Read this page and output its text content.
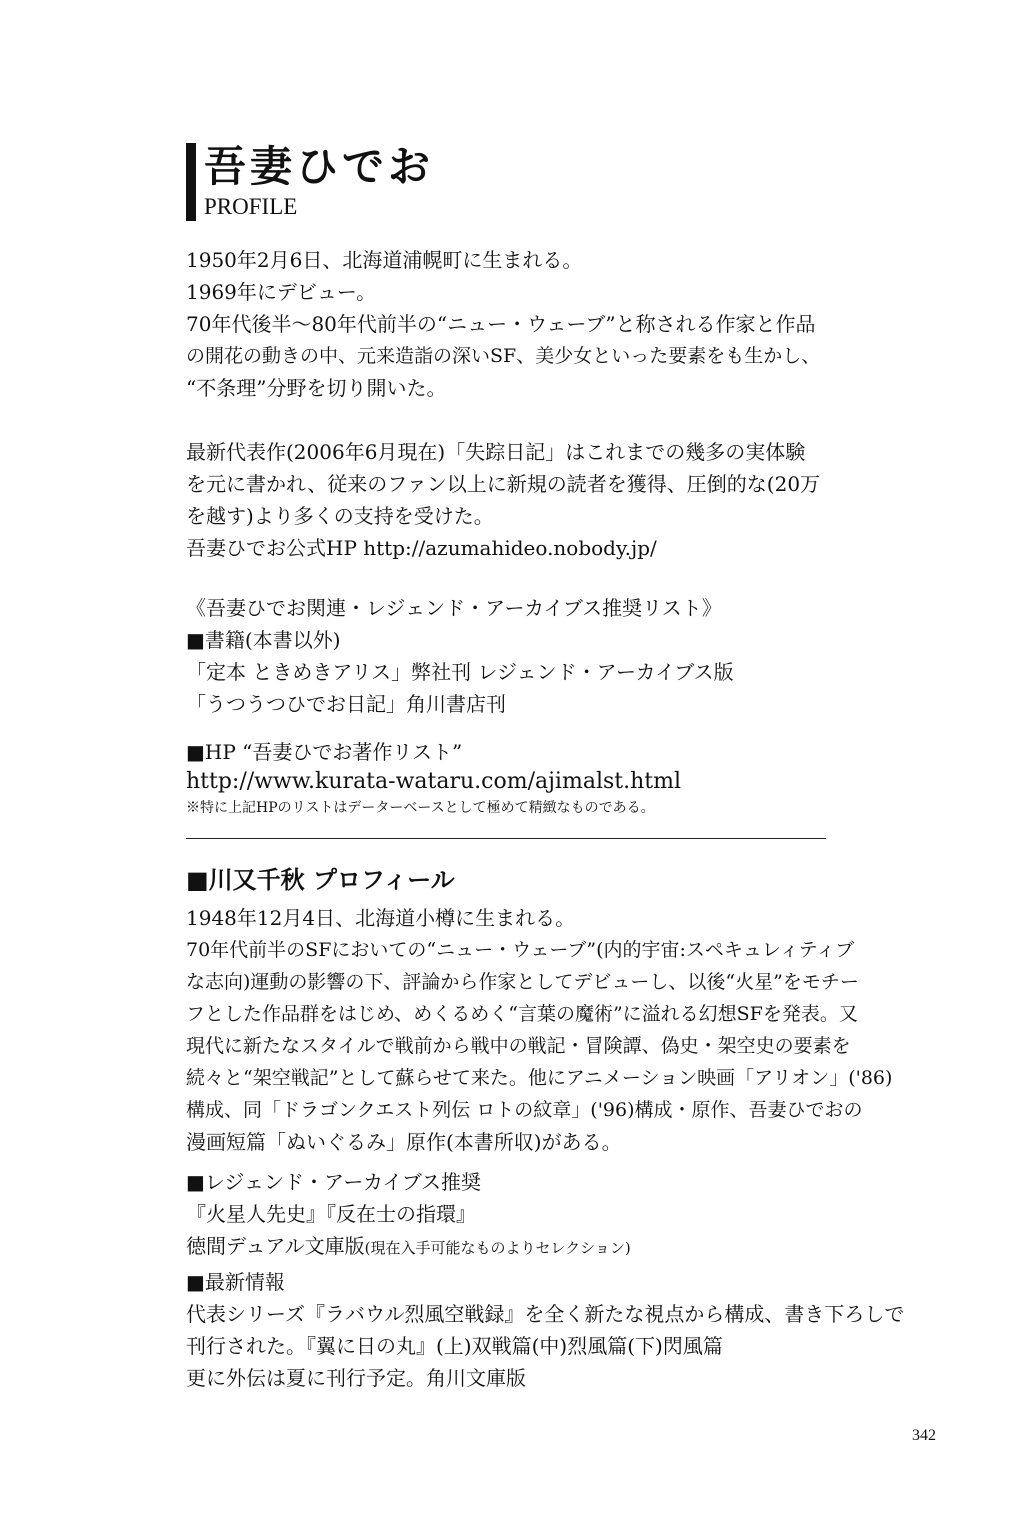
吾妻ひでお
PROFILE
1950年2月6日、北海道浦幌町に生まれる。
1969年にデビュー。
70年代後半〜80年代前半の“ニュー・ウェーブ”と称される作家と作品
の開花の動きの中、元来造詣の深いSF、美少女といった要素をも生かし、
“不条理”分野を切り開いた。
最新代表作(2006年6月現在)「失踪日記」はこれまでの幾多の実体験
を元に書かれ、従来のファン以上に新規の読者を獲得、圧倒的な(20万
を越す)より多くの支持を受けた。
吾妻ひでお公式HP http://azumahideo.nobody.jp/
《吾妻ひでお関連・レジェンド・アーカイブス推奨リスト》
■書籍(本書以外)
「定本 ときめきアリス」弊社刊 レジェンド・アーカイブス版
「うつうつひでお日記」角川書店刊
■HP “吾妻ひでお著作リスト”
http://www.kurata-wataru.com/ajimalst.html
※特に上記HPのリストはデーターベースとして極めて精緻なものである。
■川又千秋 プロフィール
1948年12月4日、北海道小樽に生まれる。
70年代前半のSFにおいての“ニュー・ウェーブ”(内的宇宙:スペキュレィティブ
な志向)運動の影響の下、評論から作家としてデビューし、以後“火星”をモチー
フとした作品群をはじめ、めくるめく“言葉の魔術”に溢れる幻想SFを発表。又
現代に新たなスタイルで戦前から戦中の戦記・冒険譚、偽史・架空史の要素を
続々と“架空戦記”として蘇らせて来た。他にアニメーション映画「アリオン」('86)
構成、同「ドラゴンクエスト列伝 ロトの紋章」('96)構成・原作、吾妻ひでおの
漫画短篇「ぬいぐるみ」原作(本書所収)がある。
■レジェンド・アーカイブス推奨
『火星人先史』『反在士の指環』
徳間デュアル文庫版(現在入手可能なものよりセレクション)
■最新情報
代表シリーズ『ラバウル烈風空戦録』を全く新たな視点から構成、書き下ろしで
刊行された。『翼に日の丸』(上)双戦篇(中)烈風篇(下)閃風篇
更に外伝は夏に刊行予定。角川文庫版
342
